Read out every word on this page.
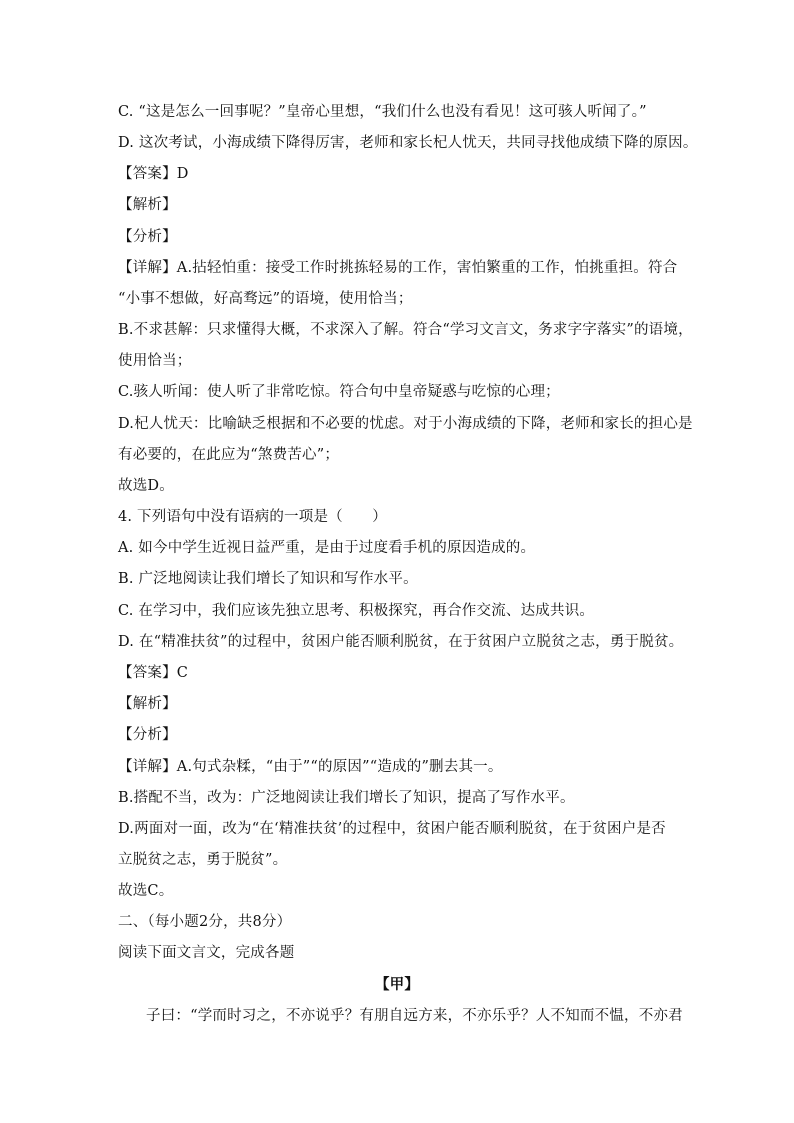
C. “这是怎么一回事呢？”皇帝心里想，“我们什么也没有看见！这可骇人听闻了。”
D. 这次考试，小海成绩下降得厉害，老师和家长杞人忧天，共同寻找他成绩下降的原因。
【答案】D
【解析】
【分析】
【详解】A.拈轻怕重：接受工作时挑拣轻易的工作，害怕繁重的工作，怕挑重担。符合
“小事不想做，好高骛远”的语境，使用恰当；
B.不求甚解：只求懂得大概，不求深入了解。符合“学习文言文，务求字字落实”的语境，
使用恰当；
C.骇人听闻：使人听了非常吃惊。符合句中皇帝疑惑与吃惊的心理；
D.杞人忧天：比喻缺乏根据和不必要的忧虑。对于小海成绩的下降，老师和家长的担心是
有必要的，在此应为“煞费苦心”；
故选D。
4. 下列语句中没有语病的一项是（　　）
A. 如今中学生近视日益严重，是由于过度看手机的原因造成的。
B. 广泛地阅读让我们增长了知识和写作水平。
C. 在学习中，我们应该先独立思考、积极探究，再合作交流、达成共识。
D. 在“精准扶贫”的过程中，贫困户能否顺利脱贫，在于贫困户立脱贫之志，勇于脱贫。
【答案】C
【解析】
【分析】
【详解】A.句式杂糅，“由于”“的原因”“造成的”删去其一。
B.搭配不当，改为：广泛地阅读让我们增长了知识，提高了写作水平。
D.两面对一面，改为“在‘精准扶贫’的过程中，贫困户能否顺利脱贫，在于贫困户是否
立脱贫之志，勇于脱贫”。
故选C。
二、（每小题2分，共8分）
阅读下面文言文，完成各题
【甲】
子曰：“学而时习之，不亦说乎？有朋自远方来，不亦乐乎？人不知而不愠，不亦君
